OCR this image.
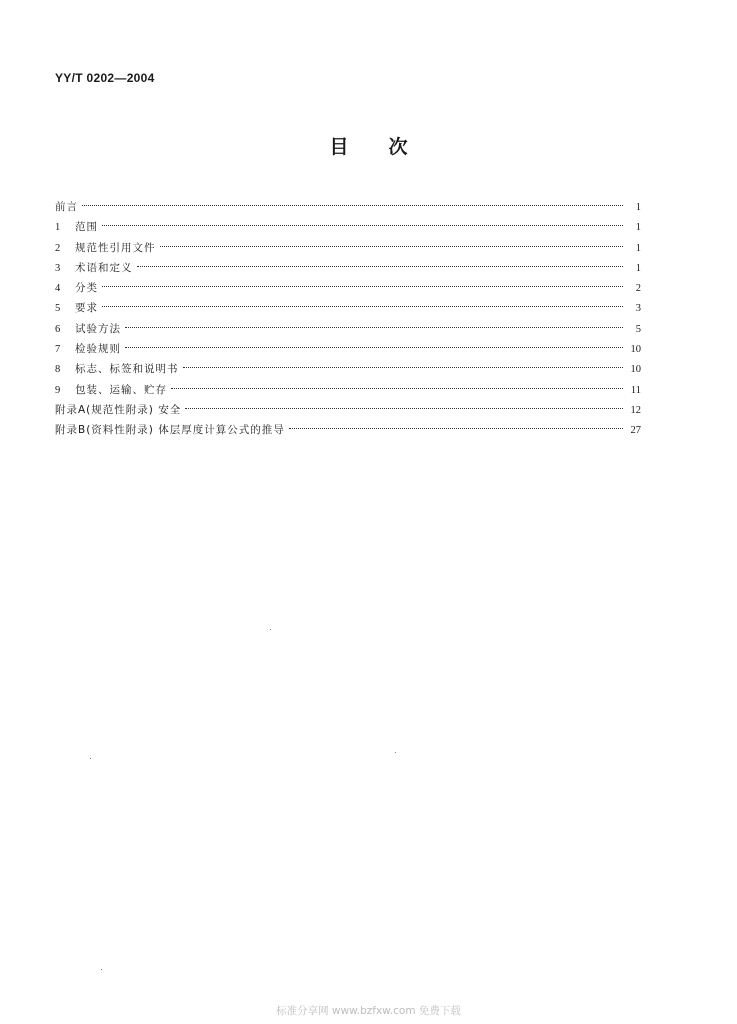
YY/T 0202—2004
目次
前言	1
1	范围	1
2	规范性引用文件	1
3	术语和定义	1
4	分类	2
5	要求	3
6	试验方法	5
7	检验规则	10
8	标志、标签和说明书	10
9	包装、运输、贮存	11
附录A(规范性附录) 安全	12
附录B(资料性附录) 体层厚度计算公式的推导	27
标准分享网 www.bzfxw.com 免费下载
